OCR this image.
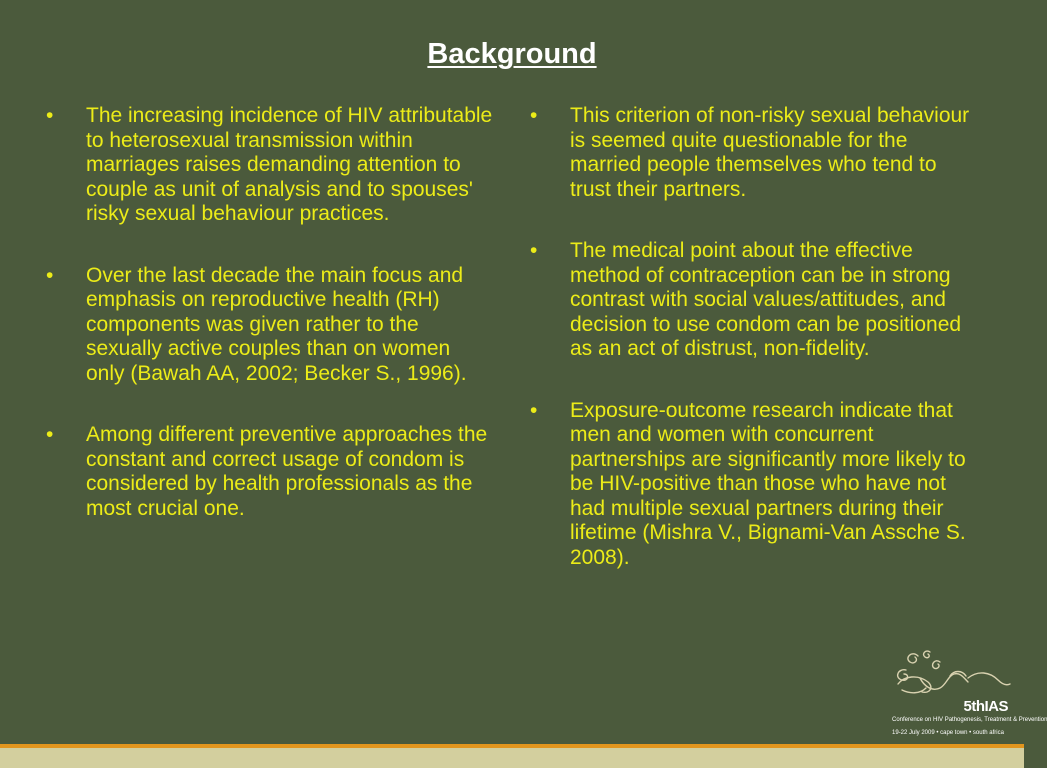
Background
•	The increasing incidence of HIV attributable to heterosexual transmission within marriages raises demanding attention to couple as unit of analysis and to spouses' risky sexual behaviour practices.
•	Over the last decade the main focus and emphasis on reproductive health (RH) components was given rather to the sexually active couples than on women only (Bawah AA, 2002; Becker S., 1996).
•	Among different preventive approaches the constant and correct usage of condom is considered by health professionals as the most crucial one.
•	This criterion of non-risky sexual behaviour is seemed quite questionable for the married people themselves who tend to trust their partners.
•	The medical point about the effective method of contraception can be in strong contrast with social values/attitudes, and decision to use condom can be positioned as an act of distrust, non-fidelity.
•	Exposure-outcome research indicate that men and women with concurrent partnerships are significantly more likely to be HIV-positive than those who have not had multiple sexual partners during their lifetime (Mishra V., Bignami-Van Assche S. 2008).
5thIAS
Conference on HIV Pathogenesis, Treatment & Prevention
19-22 July 2009 • cape town • south africa
